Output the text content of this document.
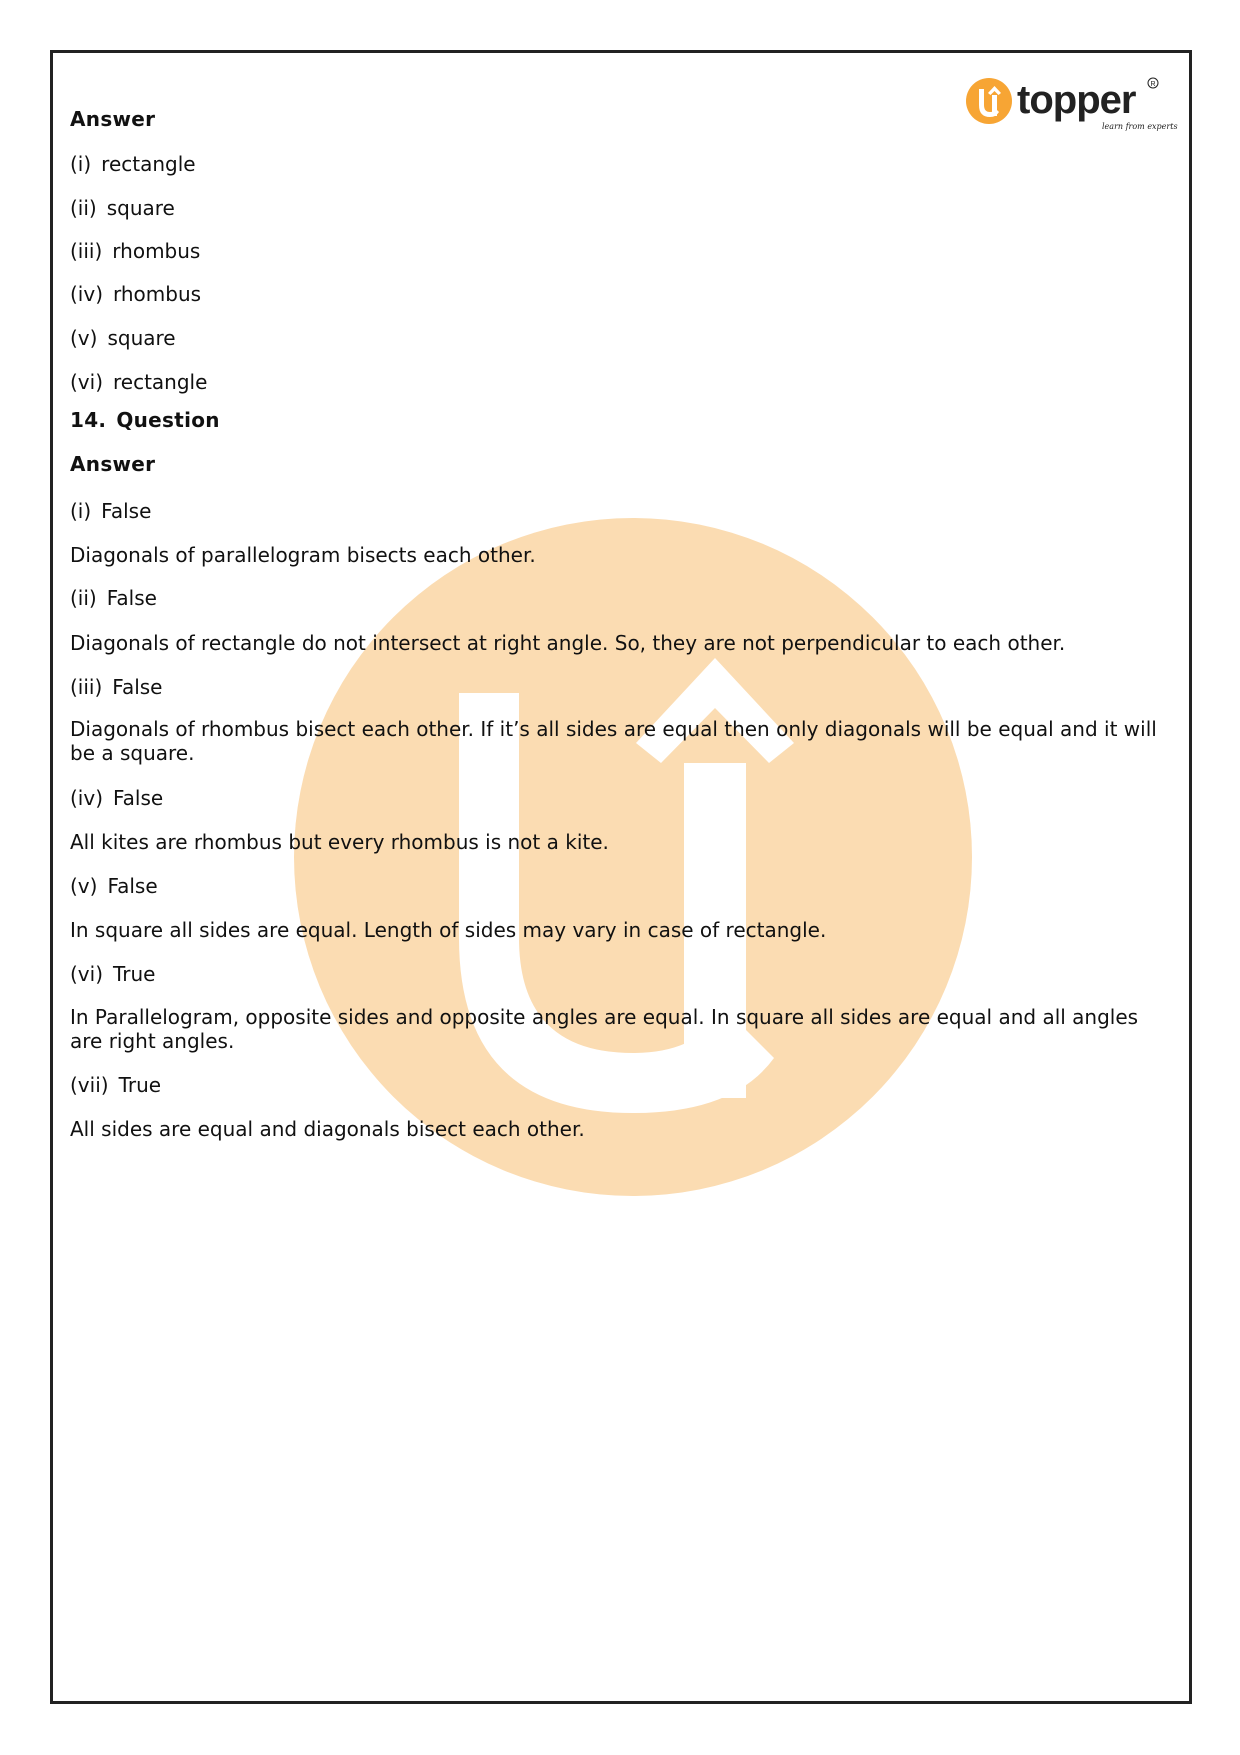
topper R
learn from experts
Answer
(i) rectangle
(ii) square
(iii) rhombus
(iv) rhombus
(v) square
(vi) rectangle
14. Question
Answer
(i) False
Diagonals of parallelogram bisects each other.
(ii) False
Diagonals of rectangle do not intersect at right angle. So, they are not perpendicular to each other.
(iii) False
Diagonals of rhombus bisect each other. If it’s all sides are equal then only diagonals will be equal and it will be a square.
(iv) False
All kites are rhombus but every rhombus is not a kite.
(v) False
In square all sides are equal. Length of sides may vary in case of rectangle.
(vi) True
In Parallelogram, opposite sides and opposite angles are equal. In square all sides are equal and all angles are right angles.
(vii) True
All sides are equal and diagonals bisect each other.
